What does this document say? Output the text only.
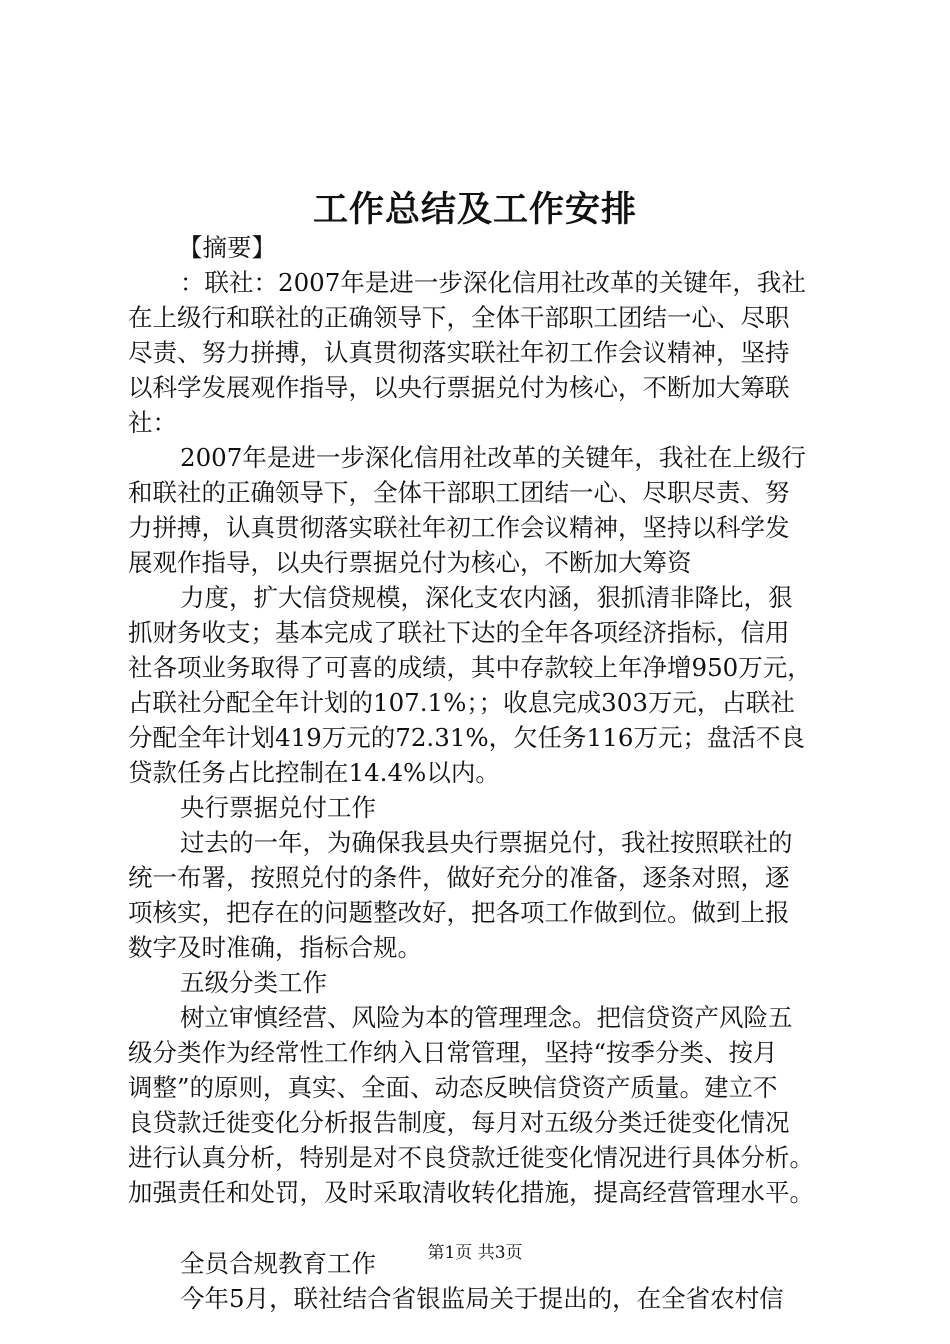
工作总结及工作安排
【摘要】
：联社：2007年是进一步深化信用社改革的关键年，我社
在上级行和联社的正确领导下，全体干部职工团结一心、尽职
尽责、努力拼搏，认真贯彻落实联社年初工作会议精神，坚持
以科学发展观作指导，以央行票据兑付为核心，不断加大筹联
社：
2007年是进一步深化信用社改革的关键年，我社在上级行
和联社的正确领导下，全体干部职工团结一心、尽职尽责、努
力拼搏，认真贯彻落实联社年初工作会议精神，坚持以科学发
展观作指导，以央行票据兑付为核心，不断加大筹资
力度，扩大信贷规模，深化支农内涵，狠抓清非降比，狠
抓财务收支；基本完成了联社下达的全年各项经济指标，信用
社各项业务取得了可喜的成绩，其中存款较上年净增950万元，
占联社分配全年计划的107.1%；；收息完成303万元，占联社
分配全年计划419万元的72.31%，欠任务116万元；盘活不良
贷款任务占比控制在14.4%以内。
央行票据兑付工作
过去的一年，为确保我县央行票据兑付，我社按照联社的
统一布署，按照兑付的条件，做好充分的准备，逐条对照，逐
项核实，把存在的问题整改好，把各项工作做到位。做到上报
数字及时准确，指标合规。
五级分类工作
树立审慎经营、风险为本的管理理念。把信贷资产风险五
级分类作为经常性工作纳入日常管理，坚持“按季分类、按月
调整”的原则，真实、全面、动态反映信贷资产质量。建立不
良贷款迁徙变化分析报告制度，每月对五级分类迁徙变化情况
进行认真分析，特别是对不良贷款迁徙变化情况进行具体分析。
加强责任和处罚，及时采取清收转化措施，提高经营管理水平。
全员合规教育工作
今年5月，联社结合省银监局关于提出的，在全省农村信
第1页 共3页
